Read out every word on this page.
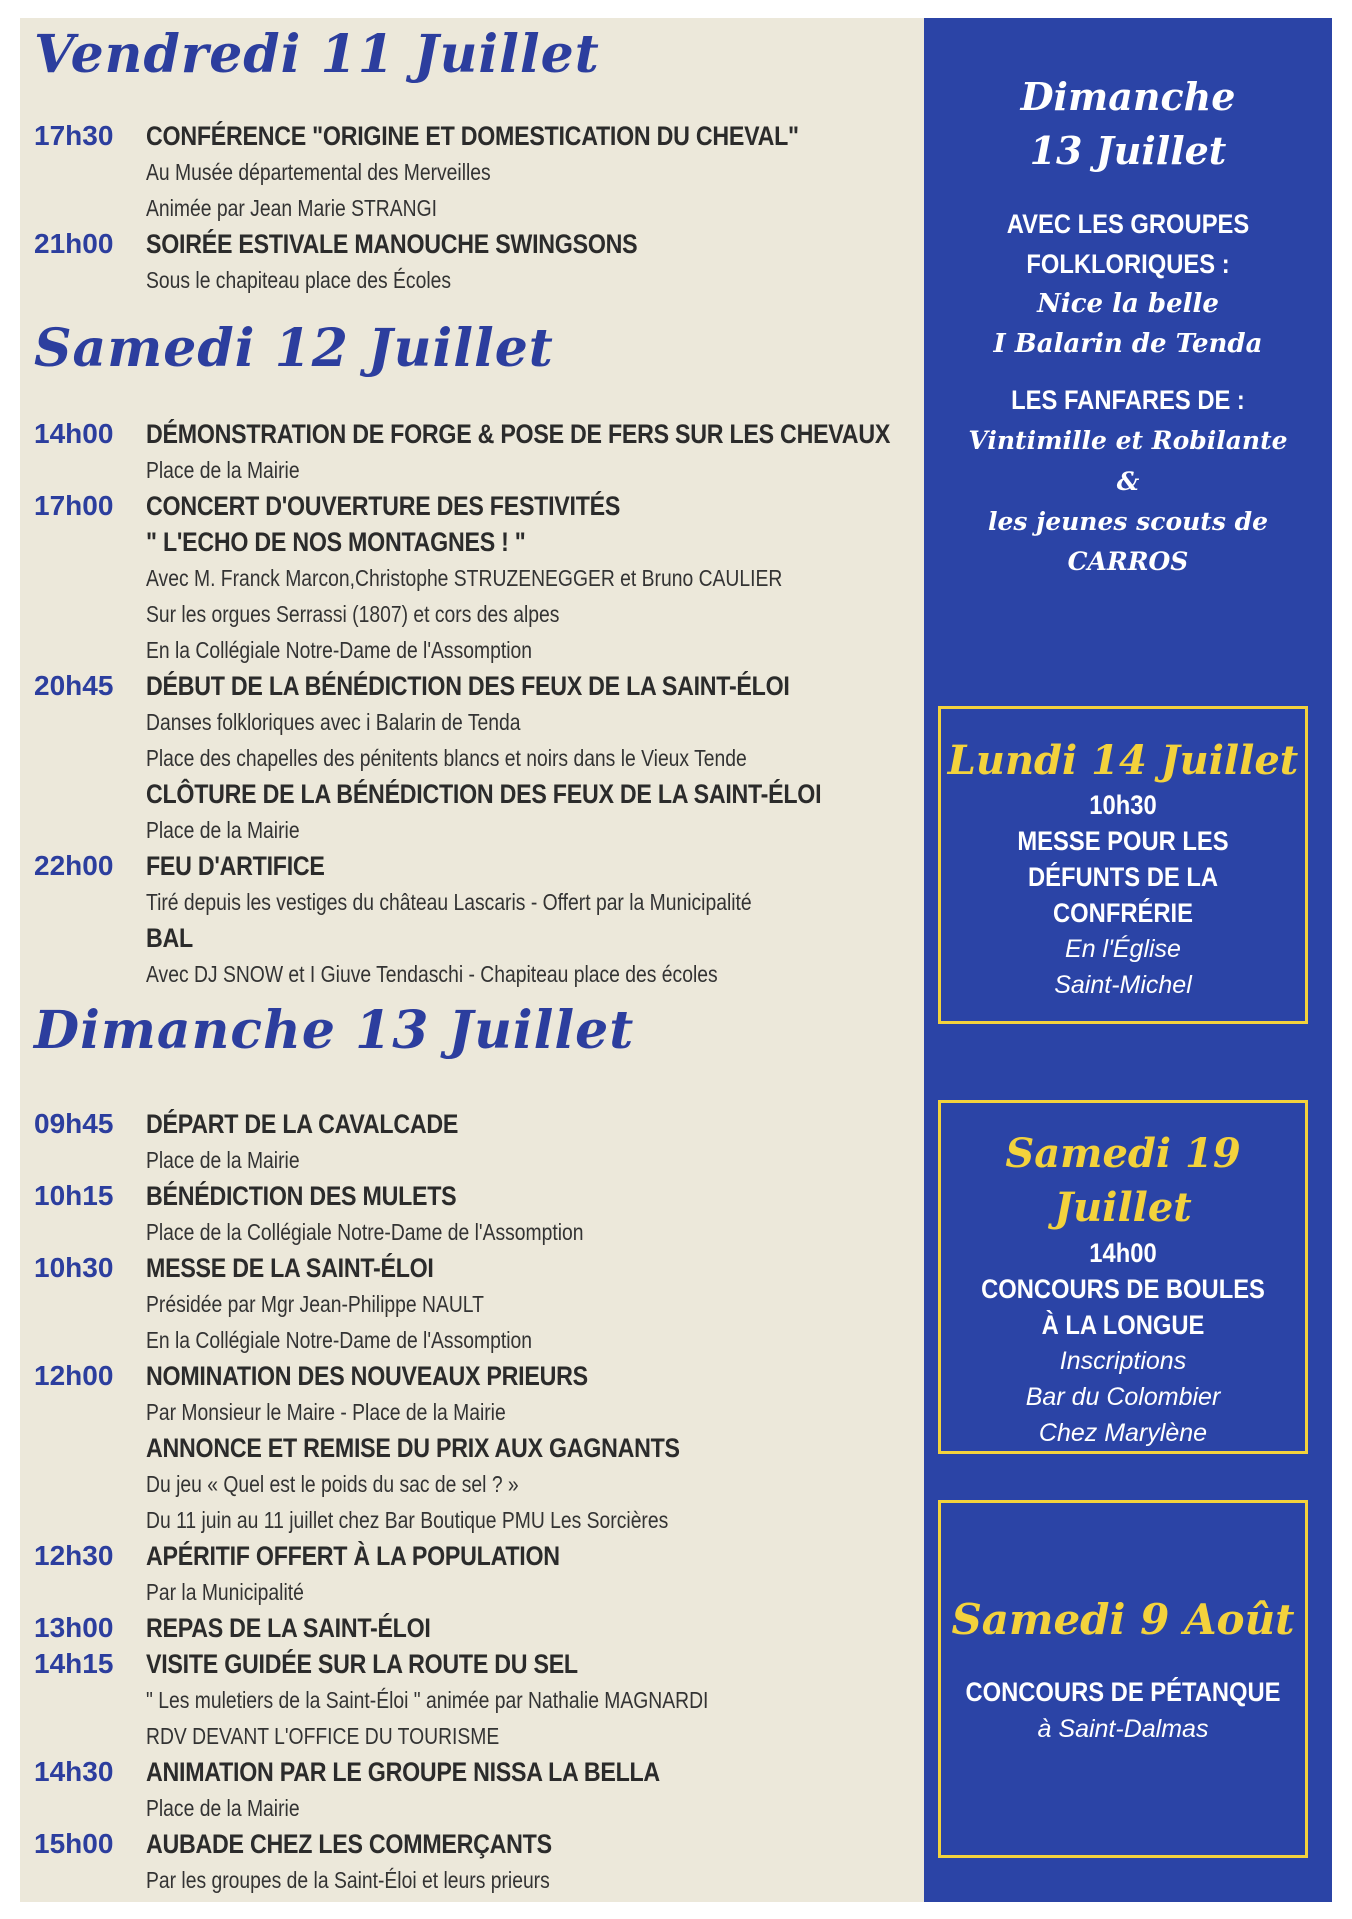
Vendredi 11 Juillet
17h30	CONFÉRENCE "ORIGINE ET DOMESTICATION DU CHEVAL"
Au Musée départemental des Merveilles
Animée par Jean Marie STRANGI
21h00	SOIRÉE ESTIVALE MANOUCHE SWINGSONS
Sous le chapiteau place des Écoles
Samedi 12 Juillet
14h00	DÉMONSTRATION DE FORGE & POSE DE FERS SUR LES CHEVAUX
Place de la Mairie
17h00	CONCERT D'OUVERTURE DES FESTIVITÉS
" L'ECHO DE NOS MONTAGNES ! "
Avec M. Franck Marcon,Christophe STRUZENEGGER et Bruno CAULIER
Sur les orgues Serrassi (1807) et cors des alpes
En la Collégiale Notre-Dame de l'Assomption
20h45	DÉBUT DE LA BÉNÉDICTION DES FEUX DE LA SAINT-ÉLOI
Danses folkloriques avec i Balarin de Tenda
Place des chapelles des pénitents blancs et noirs dans le Vieux Tende
CLÔTURE DE LA BÉNÉDICTION DES FEUX DE LA SAINT-ÉLOI
Place de la Mairie
22h00	FEU D'ARTIFICE
Tiré depuis les vestiges du château Lascaris - Offert par la Municipalité
BAL
Avec DJ SNOW et I Giuve Tendaschi - Chapiteau place des écoles
Dimanche 13 Juillet
09h45	DÉPART DE LA CAVALCADE
Place de la Mairie
10h15	BÉNÉDICTION DES MULETS
Place de la Collégiale Notre-Dame de l'Assomption
10h30	MESSE DE LA SAINT-ÉLOI
Présidée par Mgr Jean-Philippe NAULT
En la Collégiale Notre-Dame de l'Assomption
12h00	NOMINATION DES NOUVEAUX PRIEURS
Par Monsieur le Maire - Place de la Mairie
ANNONCE ET REMISE DU PRIX AUX GAGNANTS
Du jeu « Quel est le poids du sac de sel ? »
Du 11 juin au 11 juillet chez Bar Boutique PMU Les Sorcières
12h30	APÉRITIF OFFERT À LA POPULATION
Par la Municipalité
13h00	REPAS DE LA SAINT-ÉLOI
14h15	VISITE GUIDÉE SUR LA ROUTE DU SEL
" Les muletiers de la Saint-Éloi " animée par Nathalie MAGNARDI
RDV DEVANT L'OFFICE DU TOURISME
14h30	ANIMATION PAR LE GROUPE NISSA LA BELLA
Place de la Mairie
15h00	AUBADE CHEZ LES COMMERÇANTS
Par les groupes de la Saint-Éloi et leurs prieurs
Dimanche
13 Juillet
AVEC LES GROUPES
FOLKLORIQUES :
Nice la belle
I Balarin de Tenda
LES FANFARES DE :
Vintimille et Robilante
&
les jeunes scouts de
CARROS
Lundi 14 Juillet
10h30
MESSE POUR LES
DÉFUNTS DE LA
CONFRÉRIE
En l'Église
Saint-Michel
Samedi 19 Juillet
14h00
CONCOURS DE BOULES
À LA LONGUE
Inscriptions
Bar du Colombier
Chez Marylène
Samedi 9 Août
CONCOURS DE PÉTANQUE
à Saint-Dalmas
